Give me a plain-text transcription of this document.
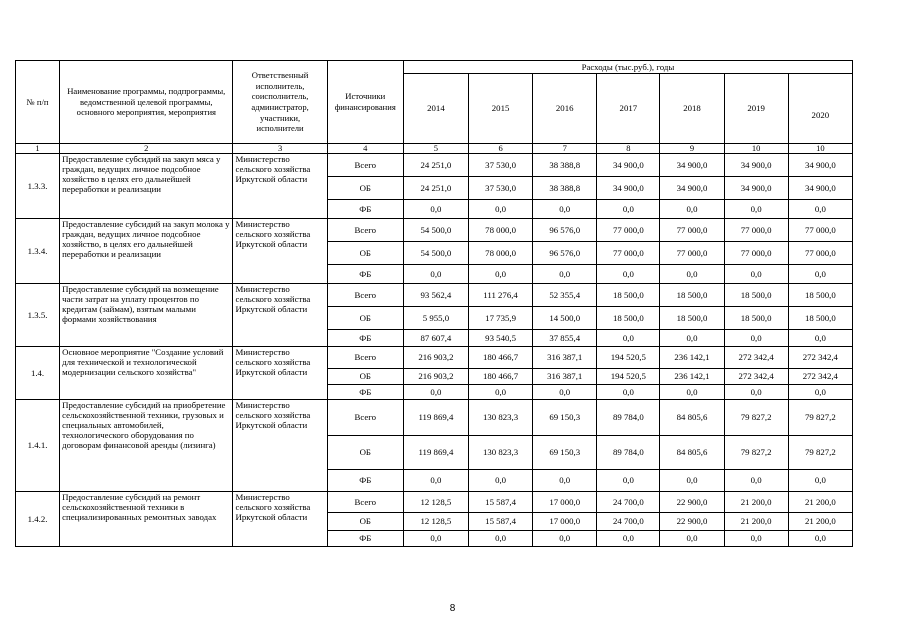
№ п/п	Наименование программы, подпрограммы, ведомственной целевой программы, основного мероприятия, мероприятия	Ответственный исполнитель, соисполнитель, администратор, участники, исполнители	Источники финансирования	Расходы (тыс.руб.), годы						
				2014	2015	2016	2017	2018	2019	2020
1	2	3	4	5	6	7	8	9	10	10
1.3.3.	Предоставление субсидий на закуп мяса у граждан, ведущих личное подсобное хозяйство в целях его дальнейшей переработки и реализации	Министерство сельского хозяйства Иркутской области	Всего	24 251,0	37 530,0	38 388,8	34 900,0	34 900,0	34 900,0	34 900,0
			ОБ	24 251,0	37 530,0	38 388,8	34 900,0	34 900,0	34 900,0	34 900,0
			ФБ	0,0	0,0	0,0	0,0	0,0	0,0	0,0
1.3.4.	Предоставление субсидий на закуп молока у граждан, ведущих личное подсобное хозяйство, в целях его дальнейшей переработки и реализации	Министерство сельского хозяйства Иркутской области	Всего	54 500,0	78 000,0	96 576,0	77 000,0	77 000,0	77 000,0	77 000,0
			ОБ	54 500,0	78 000,0	96 576,0	77 000,0	77 000,0	77 000,0	77 000,0
			ФБ	0,0	0,0	0,0	0,0	0,0	0,0	0,0
1.3.5.	Предоставление субсидий на возмещение части затрат на уплату процентов по кредитам (займам), взятым малыми формами хозяйствования	Министерство сельского хозяйства Иркутской области	Всего	93 562,4	111 276,4	52 355,4	18 500,0	18 500,0	18 500,0	18 500,0
			ОБ	5 955,0	17 735,9	14 500,0	18 500,0	18 500,0	18 500,0	18 500,0
			ФБ	87 607,4	93 540,5	37 855,4	0,0	0,0	0,0	0,0
1.4.	Основное мероприятие "Создание условий для технической и технологической модернизации сельского хозяйства"	Министерство сельского хозяйства Иркутской области	Всего	216 903,2	180 466,7	316 387,1	194 520,5	236 142,1	272 342,4	272 342,4
			ОБ	216 903,2	180 466,7	316 387,1	194 520,5	236 142,1	272 342,4	272 342,4
			ФБ	0,0	0,0	0,0	0,0	0,0	0,0	0,0
1.4.1.	Предоставление субсидий на приобретение сельскохозяйственной техники, грузовых и специальных автомобилей, технологического оборудования по договорам финансовой аренды (лизинга)	Министерство сельского хозяйства Иркутской области	Всего	119 869,4	130 823,3	69 150,3	89 784,0	84 805,6	79 827,2	79 827,2
			ОБ	119 869,4	130 823,3	69 150,3	89 784,0	84 805,6	79 827,2	79 827,2
			ФБ	0,0	0,0	0,0	0,0	0,0	0,0	0,0
1.4.2.	Предоставление субсидий на ремонт сельскохозяйственной техники в специализированных ремонтных заводах	Министерство сельского хозяйства Иркутской области	Всего	12 128,5	15 587,4	17 000,0	24 700,0	22 900,0	21 200,0	21 200,0
			ОБ	12 128,5	15 587,4	17 000,0	24 700,0	22 900,0	21 200,0	21 200,0
			ФБ	0,0	0,0	0,0	0,0	0,0	0,0	0,0
8
